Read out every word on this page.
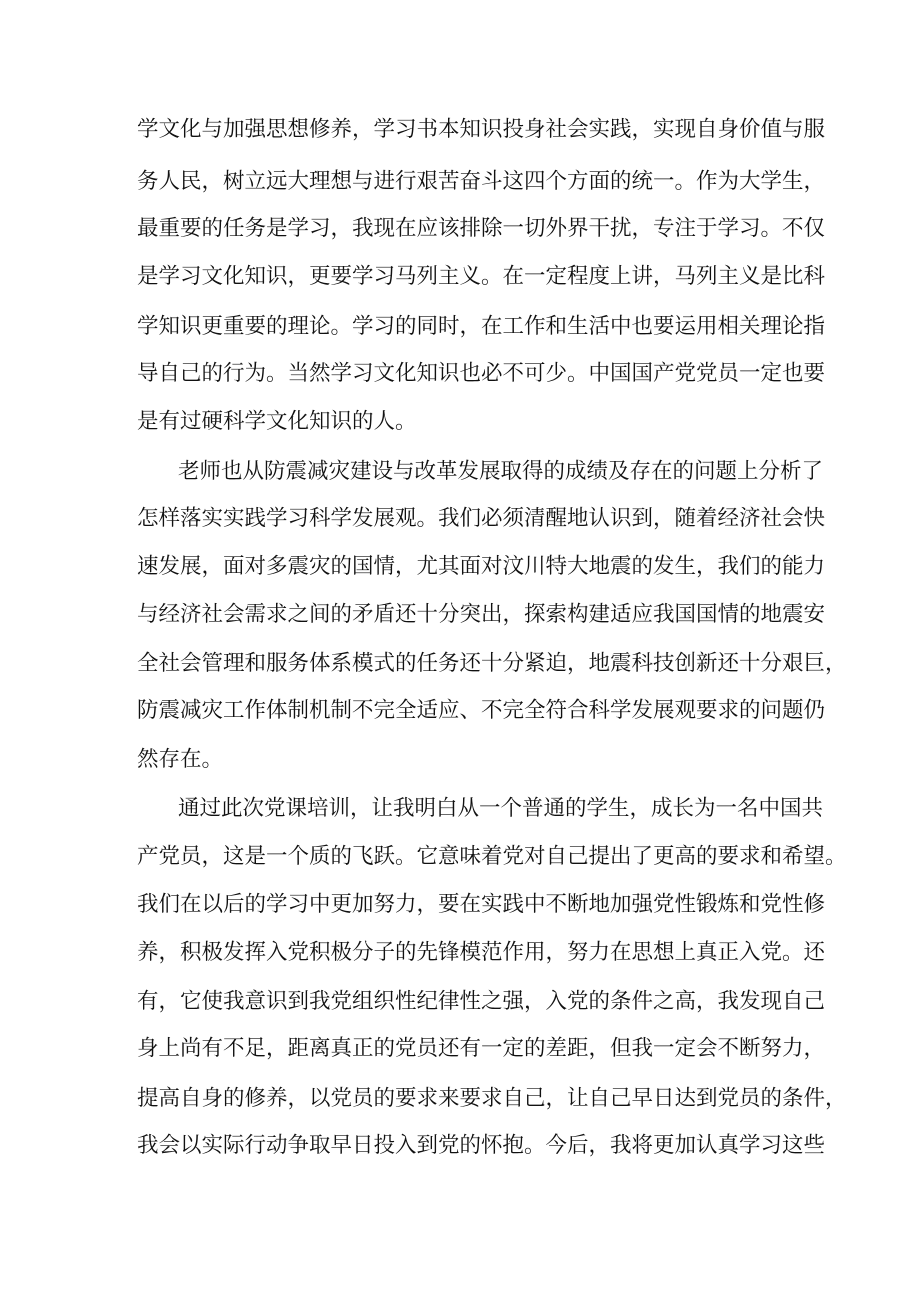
学文化与加强思想修养，学习书本知识投身社会实践，实现自身价值与服
务人民，树立远大理想与进行艰苦奋斗这四个方面的统一。作为大学生，
最重要的任务是学习，我现在应该排除一切外界干扰，专注于学习。不仅
是学习文化知识，更要学习马列主义。在一定程度上讲，马列主义是比科
学知识更重要的理论。学习的同时，在工作和生活中也要运用相关理论指
导自己的行为。当然学习文化知识也必不可少。中国国产党党员一定也要
是有过硬科学文化知识的人。
老师也从防震减灾建设与改革发展取得的成绩及存在的问题上分析了
怎样落实实践学习科学发展观。我们必须清醒地认识到，随着经济社会快
速发展，面对多震灾的国情，尤其面对汶川特大地震的发生，我们的能力
与经济社会需求之间的矛盾还十分突出，探索构建适应我国国情的地震安
全社会管理和服务体系模式的任务还十分紧迫，地震科技创新还十分艰巨，
防震减灾工作体制机制不完全适应、不完全符合科学发展观要求的问题仍
然存在。
通过此次党课培训，让我明白从一个普通的学生，成长为一名中国共
产党员，这是一个质的飞跃。它意味着党对自己提出了更高的要求和希望。
我们在以后的学习中更加努力，要在实践中不断地加强党性锻炼和党性修
养，积极发挥入党积极分子的先锋模范作用，努力在思想上真正入党。还
有，它使我意识到我党组织性纪律性之强，入党的条件之高，我发现自己
身上尚有不足，距离真正的党员还有一定的差距，但我一定会不断努力，
提高自身的修养，以党员的要求来要求自己，让自己早日达到党员的条件，
我会以实际行动争取早日投入到党的怀抱。今后，我将更加认真学习这些
